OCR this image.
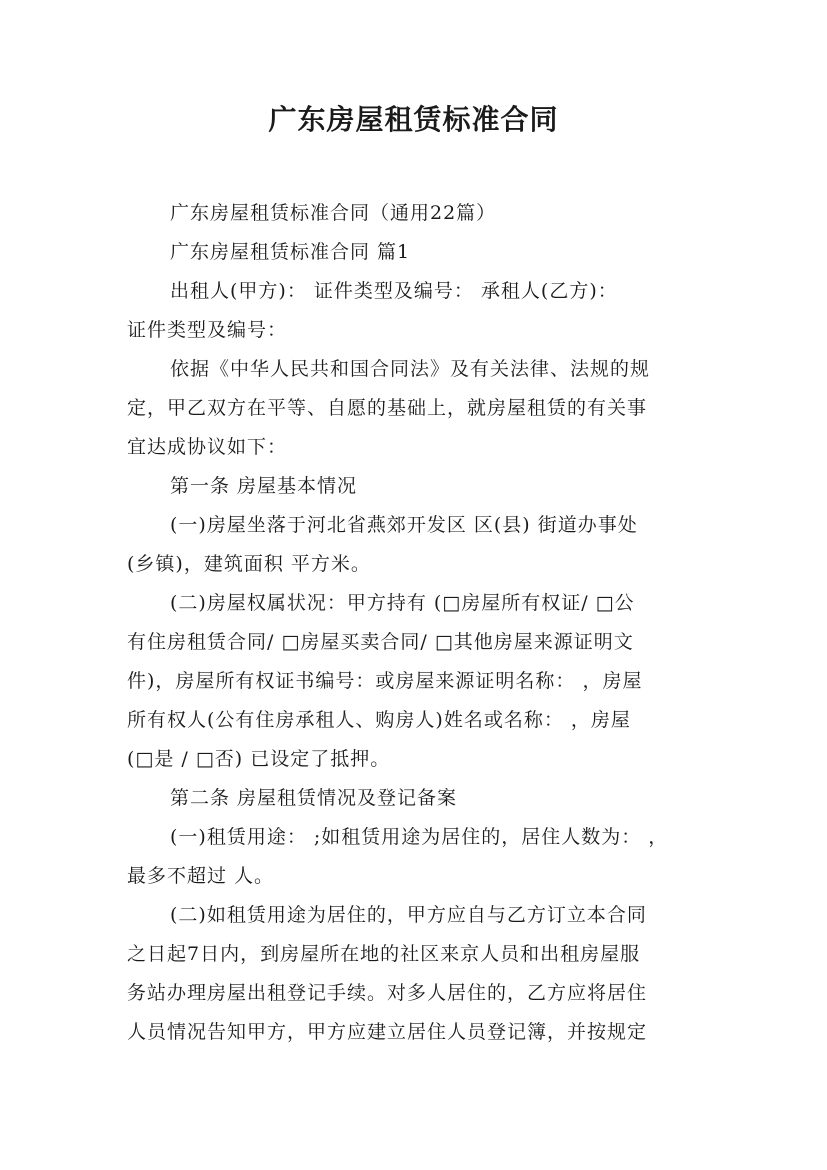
广东房屋租赁标准合同
广东房屋租赁标准合同（通用22篇）
广东房屋租赁标准合同 篇1
出租人(甲方)： 证件类型及编号： 承租人(乙方)：
证件类型及编号：
依据《中华人民共和国合同法》及有关法律、法规的规
定，甲乙双方在平等、自愿的基础上，就房屋租赁的有关事
宜达成协议如下：
第一条 房屋基本情况
(一)房屋坐落于河北省燕郊开发区 区(县) 街道办事处
(乡镇)，建筑面积 平方米。
(二)房屋权属状况：甲方持有 (□房屋所有权证/ □公
有住房租赁合同/ □房屋买卖合同/ □其他房屋来源证明文
件)，房屋所有权证书编号：或房屋来源证明名称： ，房屋
所有权人(公有住房承租人、购房人)姓名或名称： ，房屋
(□是 / □否) 已设定了抵押。
第二条 房屋租赁情况及登记备案
(一)租赁用途： ;如租赁用途为居住的，居住人数为： ，
最多不超过 人。
(二)如租赁用途为居住的，甲方应自与乙方订立本合同
之日起7日内，到房屋所在地的社区来京人员和出租房屋服
务站办理房屋出租登记手续。对多人居住的，乙方应将居住
人员情况告知甲方，甲方应建立居住人员登记簿，并按规定
